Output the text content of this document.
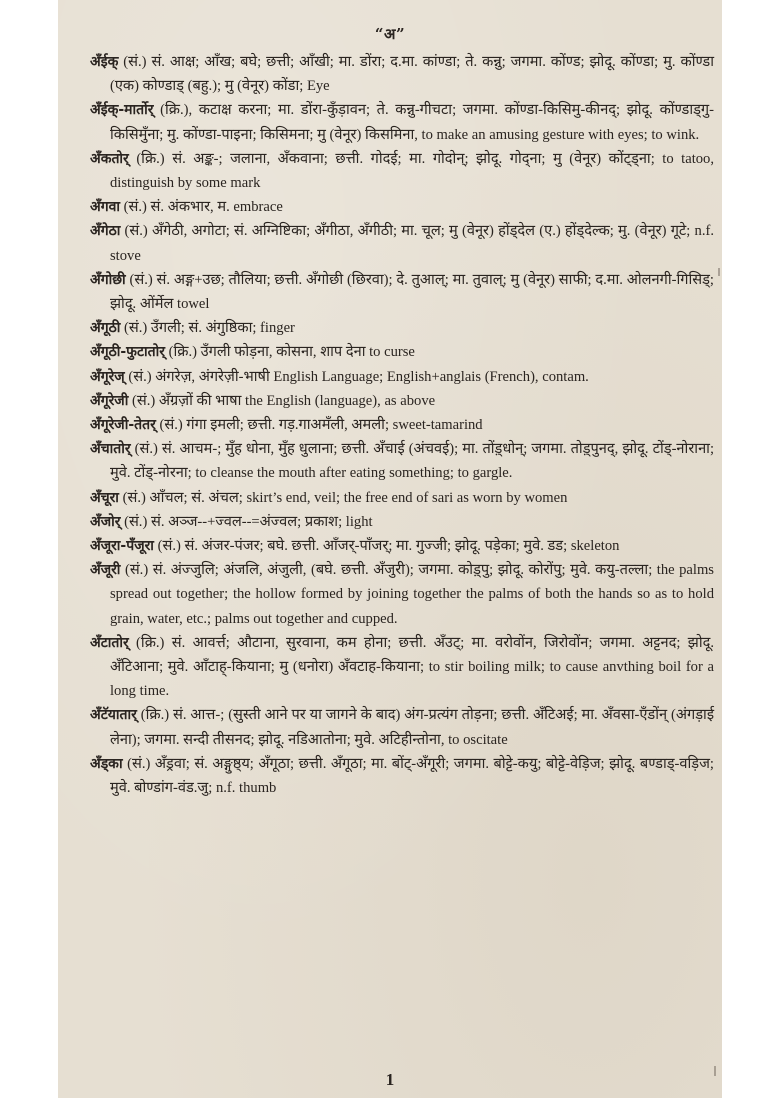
“अ”

अँईक् (सं.) सं. आक्ष; आँख; बघे; छत्ती; आँखी; मा. डोंरा; द.मा. कांण्डा; ते. कन्नु; जगमा. कोंण्ड; झोदू. कोंण्डा; मु. कोंण्डा (एक) कोण्डाड् (बहु.); मु (वेनूर) कोंडा; Eye

अँईक्-मार्तोर् (क्रि.), कटाक्ष करना; मा. डोंरा-कुँड़ावन; ते. कन्नु-गीचटा; जगमा. कोंण्डा-किसिमु-कीनद्; झोदू. कोंण्डाड्गु-किसिमुँना; मु. कोंण्डा-पाइना; किसिमना; मु (वेनूर) किसमिना, to make an amusing gesture with eyes; to wink.

अँकतोर् (क्रि.) सं. अङ्क-; जलाना, अँकवाना; छत्ती. गोदई; मा. गोदोन्; झोदू. गोद्ना; मु (वेनूर) कोंट्ड्ना; to tatoo, distinguish by some mark

अँगवा (सं.) सं. अंकभार, म. embrace

अँगेठा (सं.) अँगेठी, अगोटा; सं. अग्निष्टिका; अँगीठा, अँगीठी; मा. चूल; मु (वेनूर) होंड्देल (ए.) होंड्देल्क; मु. (वेनूर) गूटे; n.f. stove

अँगोछी (सं.) सं. अङ्ग+उछ; तौलिया; छत्ती. अँगोछी (छिरवा); दे. तुआल्; मा. तुवाल्; मु (वेनूर) साफी; द.मा. ओलनगी-गिसिड्; झोदू. ओंर्मेल towel

अँगूठी (सं.) उँगली; सं. अंगुष्ठिका; finger

अँगूठी-फुटातोर् (क्रि.) उँगली फोड़ना, कोसना, शाप देना to curse

अँगूरेज् (सं.) अंगरेज़, अंगरेज़ी-भाषी English Language; English+anglais (French), contam.

अँगूरेजी (सं.) अँग्रज़ों की भाषा the English (language), as above

अँगूरेजी-तेतर् (सं.) गंगा इमली; छत्ती. गड़.गाअमँली, अमली; sweet-tamarind

अँचातोर् (सं.) सं. आचम-; मुँह धोना, मुँह धुलाना; छत्ती. अँचाई (अंचवई); मा. तोंड़्धोन्; जगमा. तोड़्पुनद्, झोदू. टोंड्-नोराना; मुवे. टोंड्-नोरना; to cleanse the mouth after eating something; to gargle.

अँचूरा (सं.) आँचल; सं. अंचल; skirt’s end, veil; the free end of sari as worn by women

अँजोर् (सं.) सं. अञ्ज--+ज्वल--=अंज्वल; प्रकाश; light

अँजूरा-पँजूरा (सं.) सं. अंजर-पंजर; बघे. छत्ती. आँजर्-पाँजर्; मा. गुज्जी; झोदू. पड़ेका; मुवे. डड; skeleton

अँजूरी (सं.) सं. अंज्जुलि; अंजलि, अंजुली, (बघे. छत्ती. अँजुरी); जगमा. कोड़्पु; झोदू. कोरोंपु; मुवे. कयु-तल्ला; the palms spread out together; the hollow formed by joining together the palms of both the hands so as to hold grain, water, etc.; palms out together and cupped.

अँटातोर् (क्रि.) सं. आवर्त्त; औटाना, सुरवाना, कम होना; छत्ती. अँउट्; मा. वरोवोंन, जिरोवोंन; जगमा. अट्टनद; झोदू. अँटिआना; मुवे. आँटाह्-कियाना; मु (धनोरा) अँवटाह-कियाना; to stir boiling milk; to cause anvthing boil for a long time.

अँटॅयातार् (क्रि.) सं. आत्त-; (सुस्ती आने पर या जागने के बाद) अंग-प्रत्यंग तोड़ना; छत्ती. अँटिअई; मा. अँवसा-एँडोंन् (अंगड़ाई लेना); जगमा. सन्दी तीसनद; झोदू. नडिआतोना; मुवे. अटिहीन्तोना, to oscitate

अँड्का (सं.) अँड्रवा; सं. अङ्गुष्ठ्य; अँगूठा; छत्ती. अँगूठा; मा. बोंट्-अँगूरी; जगमा. बोट्टे-कयु; बोट्टे-वेड़िज; झोदू. बण्डाड्-वड़िज; मुवे. बोण्डांग-वंड.जु; n.f. thumb

1
